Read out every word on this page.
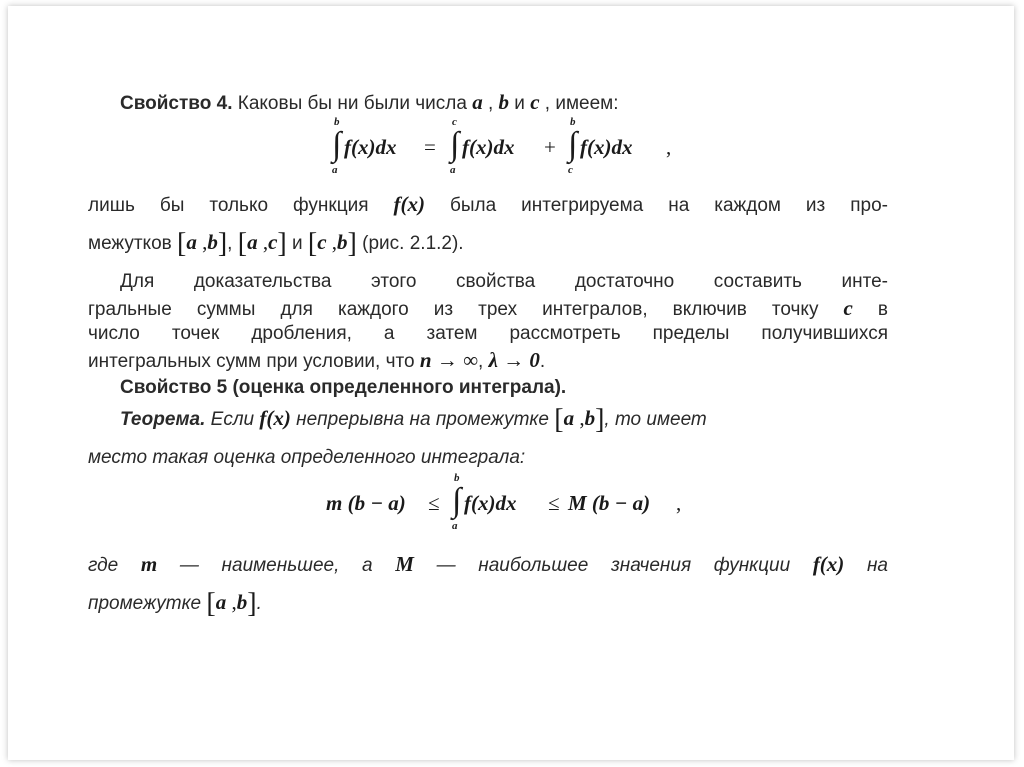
Свойство 4. Каковы бы ни были числа a , b и c , имеем:
b
∫
a
f(x)dx =
c
∫
a
f(x)dx +
b
∫
c
f(x)dx ,
лишь бы только функция f(x) была интегрируема на каждом из про-
межутков [a ,b], [a ,c] и [c ,b] (рис. 2.1.2).
Для доказательства этого свойства достаточно составить инте-
гральные суммы для каждого из трех интегралов, включив точку c в
число точек дробления, а затем рассмотреть пределы получившихся
интегральных сумм при условии, что n → ∞, λ → 0.
Свойство 5 (оценка определенного интеграла).
Теорема. Если f(x) непрерывна на промежутке [a ,b], то имеет
место такая оценка определенного интеграла:
m (b − a) ≤
b
∫
a
f(x)dx ≤ M (b − a) ,
где m — наименьшее, а M — наибольшее значения функции f(x) на
промежутке [a ,b].
